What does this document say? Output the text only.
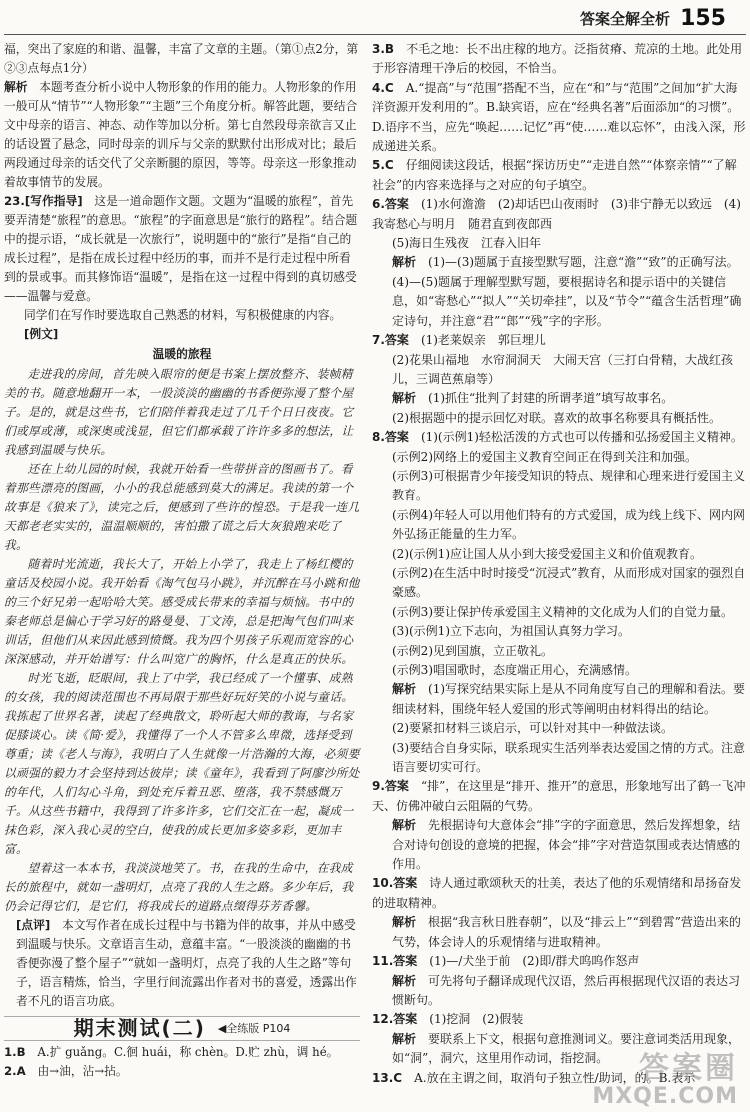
答案全解全析 155

福，突出了家庭的和谐、温馨，丰富了文章的主题。（第①点2分，第②③点每点1分）

解析　 本题考查分析小说中人物形象的作用的能力。人物形象的作用一般可从“情节”“人物形象”“主题”三个角度分析。解答此题，要结合文中母亲的语言、神态、动作等加以分析。第七自然段母亲欲言又止的话设置了悬念，同时母亲的训斥与父亲的默默付出形成对比；最后两段通过母亲的话交代了父亲断腿的原因，等等。母亲这一形象推动着故事情节的发展。

23.[写作指导]　 这是一道命题作文题。文题为“温暖的旅程”，首先要弄清楚“旅程”的意思。“旅程”的字面意思是“旅行的路程”。结合题中的提示语，“成长就是一次旅行”，说明题中的“旅行”是指“自己的成长过程”，是指在成长过程中经历的事，而并不是行走过程中所看到的景或事。而其修饰语“温暖”，是指在这一过程中得到的真切感受——温馨与爱意。

同学们在写作时要选取自己熟悉的材料，写积极健康的内容。

[例文]

温暖的旅程

走进我的房间，首先映入眼帘的便是书案上摆放整齐、装帧精美的书。随意地翻开一本，一股淡淡的幽幽的书香便弥漫了整个屋子。是的，就是这些书，它们陪伴着我走过了几千个日日夜夜。它们或厚或薄，或深奥或浅显，但它们都承载了许许多多的想法，让我感到温暖与快乐。

还在上幼儿园的时候，我就开始看一些带拼音的图画书了。看着那些漂亮的图画，小小的我总能感到莫大的满足。我读的第一个故事是《狼来了》，读完之后，便感到了些许的惶恐。于是我一连几天都老老实实的，温温顺顺的，害怕撒了谎之后大灰狼跑来吃了我。

随着时光流逝，我长大了，开始上小学了，我走上了杨红樱的童话及校园小说。我开始看《淘气包马小跳》，并沉醉在马小跳和他的三个好兄弟一起哈哈大笑。感受成长带来的幸福与烦恼。书中的秦老师总是偏心于学习好的路曼曼、丁文涛，总是把淘气包们叫来训话，但他们从来因此感到愤慨。我为四个男孩子乐观而宽容的心深深感动，并开始谱写：什么叫宽广的胸怀，什么是真正的快乐。

时光飞逝，眨眼间，我上了中学，我已经成了一个懂事、成熟的女孩，我的阅读范围也不再局限于那些好玩好笑的小说与童话。我拣起了世界名著，读起了经典散文，聆听起大师的教诲，与名家促膝谈心。读《简·爱》，我懂得了一个人不管多么卑微，选择受到尊重；读《老人与海》，我明白了人生就像一片浩瀚的大海，必须要以顽强的毅力才会坚持到达彼岸；读《童年》，我看到了阿廖沙所处的年代，人们勾心斗角，到处充斥着丑恶、堕落，我不禁感慨万千。从这些书籍中，我得到了许多许多，它们交汇在一起，凝成一抹色彩，深入我心灵的空白，使我的成长更加多姿多彩，更加丰富。

望着这一本本书，我淡淡地笑了。书，在我的生命中，在我成长的旅程中，就如一盏明灯，点亮了我的人生之路。多少年后，我仍会记得它们，是它们，将我成长的道路点缀得芬芳香馨。

[点评]　 本文写作者在成长过程中与书籍为伴的故事，并从中感受到温暖与快乐。文章语言生动，意蕴丰富。“一股淡淡的幽幽的书香便弥漫了整个屋子”“就如一盏明灯，点亮了我的人生之路”等句子，语言精炼，恰当，字里行间流露出作者对书的喜爱，透露出作者不凡的语言功底。

期末测试(二) ◀全练版 P104

1.B　 A.扩 guǎng。C.徊 huái，称 chèn。D.贮 zhù，调 hé。

2.A　 由→油，沾→拈。

3.B　 不毛之地：长不出庄稼的地方。泛指贫瘠、荒凉的土地。此处用于形容清理干净后的校园，不恰当。

4.C　 A.“提高”与“范围”搭配不当，应在“和”与“范围”之间加“扩大海洋资源开发利用的”。B.缺宾语，应在“经典名著”后面添加“的习惯”。D.语序不当，应先“唤起……记忆”再“使……难以忘怀”，由浅入深，形成递进关系。

5.C　 仔细阅读这段话，根据“探访历史”“走进自然”“体察亲情”“了解社会”的内容来选择与之对应的句子填空。

6.答案　 (1)水何澹澹　(2)却话巴山夜雨时　(3)非宁静无以致远　(4)我寄愁心与明月　随君直到夜郎西

(5)海日生残夜　江春入旧年

解析　 (1)—(3)题属于直接型默写题，注意“澹”“致”的正确写法。(4)—(5)题属于理解型默写题，要根据诗名和提示语中的关键信息，如“寄愁心”“拟人”“关切牵挂”，以及“节令”“蕴含生活哲理”确定诗句，并注意“君”“郎”“残”字的字形。

7.答案　 (1)老莱娱亲　郭巨埋儿

(2)花果山福地　水帘洞洞天　大闹天宫（三打白骨精，大战红孩儿，三调芭蕉扇等）

解析　 (1)抓住“批判了封建的所谓孝道”填写故事名。

(2)根据题中的提示回忆对联。喜欢的故事名称要具有概括性。

8.答案　 (1)(示例1)轻松活泼的方式也可以传播和弘扬爱国主义精神。

(示例2)网络上的爱国主义教育空间正在得到关注和加强。

(示例3)可根据青少年接受知识的特点、规律和心理来进行爱国主义教育。

(示例4)年轻人可以用他们特有的方式爱国，成为线上线下、网内网外弘扬正能量的生力军。

(2)(示例1)应让国人从小到大接受爱国主义和价值观教育。

(示例2)在生活中时时接受“沉浸式”教育，从而形成对国家的强烈自豪感。

(示例3)要让保护传承爱国主义精神的文化成为人们的自觉力量。

(3)(示例1)立下志向，为祖国认真努力学习。

(示例2)见到国旗，立正敬礼。

(示例3)唱国歌时，态度端正用心，充满感情。

解析　 (1)写探究结果实际上是从不同角度写自己的理解和看法。要细读材料，围绕年轻人爱国的形式等阐明由材料得出的结论。

(2)要紧扣材料三谈启示，可以针对其中一种做法谈。

(3)要结合自身实际，联系现实生活列举表达爱国之情的方式。注意语言要切实可行。

9.答案　 “排”，在这里是“排开、推开”的意思，形象地写出了鹤一飞冲天、仿佛冲破白云阻隔的气势。

解析　 先根据诗句大意体会“排”字的字面意思，然后发挥想象，结合对诗句创设的意境的把握，体会“排”字对营造氛围或表达情感的作用。

10.答案　 诗人通过歌颂秋天的壮美，表达了他的乐观情绪和昂扬奋发的进取精神。

解析　 根据“我言秋日胜春朝”，以及“排云上”“到碧霄”营造出来的气势，体会诗人的乐观情绪与进取精神。

11.答案　 (1)—/犬坐于前　(2)即/群犬呜呜作怒声

解析　 可先将句子翻译成现代汉语，然后再根据现代汉语的表达习惯断句。

12.答案　 (1)挖洞　(2)假装

解析　 要联系上下文，根据句意推测词义。要注意词类活用现象，如“洞”，洞穴，这里用作动词，指挖洞。

13.C　 A.放在主谓之间，取消句子独立性/助词，的。B.表示

答案圈
MXQE.COM
